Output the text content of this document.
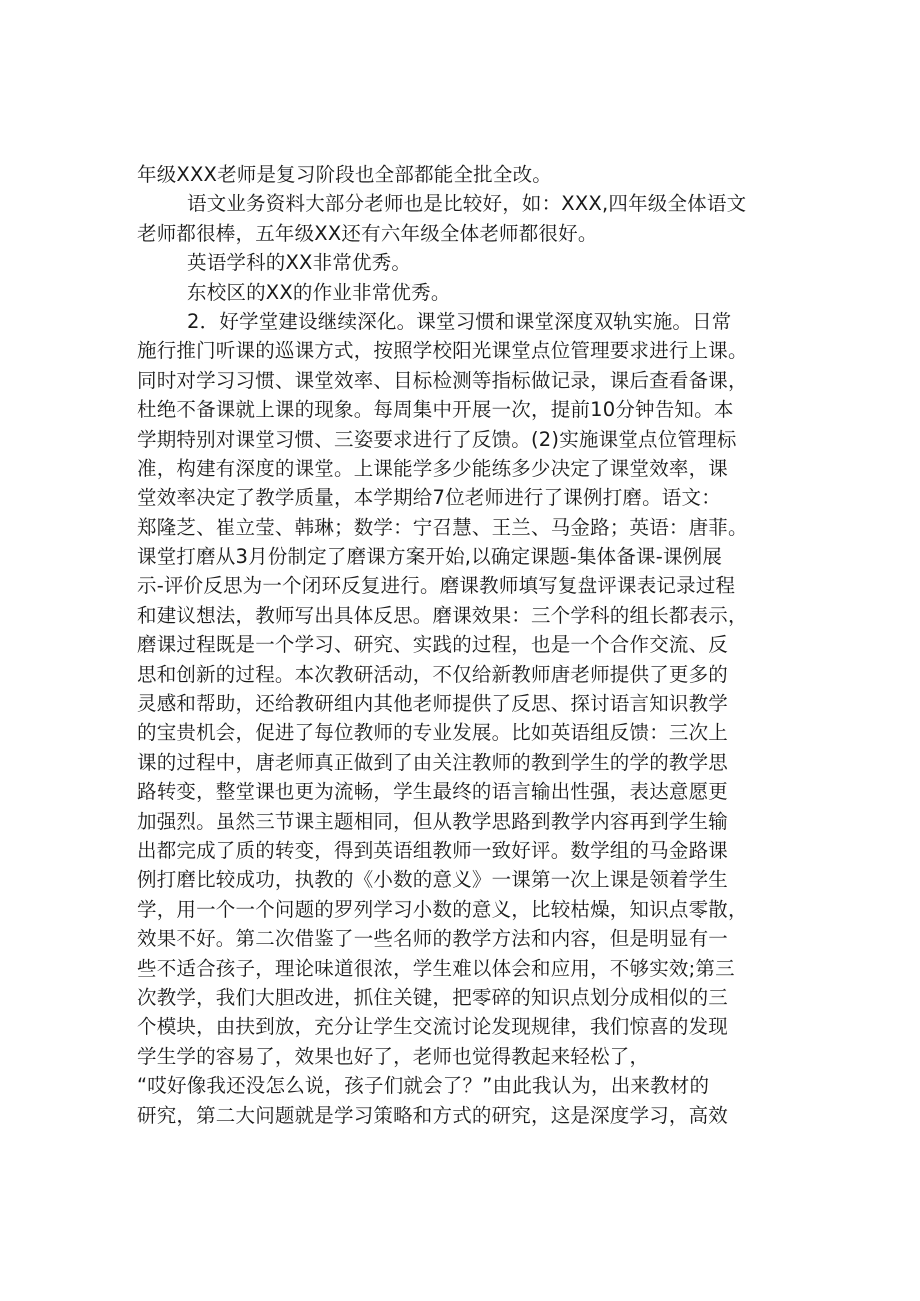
年级XXX老师是复习阶段也全部都能全批全改。
语文业务资料大部分老师也是比较好，如：XXX,四年级全体语文
老师都很棒，五年级XX还有六年级全体老师都很好。
英语学科的XX非常优秀。
东校区的XX的作业非常优秀。
2．好学堂建设继续深化。课堂习惯和课堂深度双轨实施。日常
施行推门听课的巡课方式，按照学校阳光课堂点位管理要求进行上课。
同时对学习习惯、课堂效率、目标检测等指标做记录，课后查看备课，
杜绝不备课就上课的现象。每周集中开展一次，提前10分钟告知。本
学期特别对课堂习惯、三姿要求进行了反馈。(2)实施课堂点位管理标
准，构建有深度的课堂。上课能学多少能练多少决定了课堂效率，课
堂效率决定了教学质量，本学期给7位老师进行了课例打磨。语文：
郑隆芝、崔立莹、韩琳；数学：宁召慧、王兰、马金路；英语：唐菲。
课堂打磨从3月份制定了磨课方案开始,以确定课题-集体备课-课例展
示-评价反思为一个闭环反复进行。磨课教师填写复盘评课表记录过程
和建议想法，教师写出具体反思。磨课效果：三个学科的组长都表示，
磨课过程既是一个学习、研究、实践的过程，也是一个合作交流、反
思和创新的过程。本次教研活动，不仅给新教师唐老师提供了更多的
灵感和帮助，还给教研组内其他老师提供了反思、探讨语言知识教学
的宝贵机会，促进了每位教师的专业发展。比如英语组反馈：三次上
课的过程中，唐老师真正做到了由关注教师的教到学生的学的教学思
路转变，整堂课也更为流畅，学生最终的语言输出性强，表达意愿更
加强烈。虽然三节课主题相同，但从教学思路到教学内容再到学生输
出都完成了质的转变，得到英语组教师一致好评。数学组的马金路课
例打磨比较成功，执教的《小数的意义》一课第一次上课是领着学生
学，用一个一个问题的罗列学习小数的意义，比较枯燥，知识点零散，
效果不好。第二次借鉴了一些名师的教学方法和内容，但是明显有一
些不适合孩子，理论味道很浓，学生难以体会和应用，不够实效;第三
次教学，我们大胆改进，抓住关键，把零碎的知识点划分成相似的三
个模块，由扶到放，充分让学生交流讨论发现规律，我们惊喜的发现
学生学的容易了，效果也好了，老师也觉得教起来轻松了，
“哎好像我还没怎么说，孩子们就会了？”由此我认为，出来教材的
研究，第二大问题就是学习策略和方式的研究，这是深度学习，高效
